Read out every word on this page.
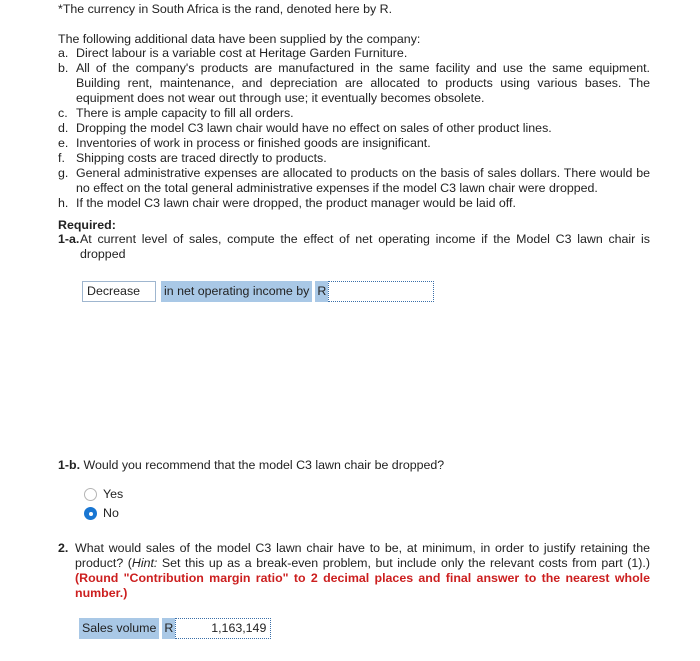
*The currency in South Africa is the rand, denoted here by R.
The following additional data have been supplied by the company:
a. Direct labour is a variable cost at Heritage Garden Furniture.
b. All of the company's products are manufactured in the same facility and use the same equipment. Building rent, maintenance, and depreciation are allocated to products using various bases. The equipment does not wear out through use; it eventually becomes obsolete.
c. There is ample capacity to fill all orders.
d. Dropping the model C3 lawn chair would have no effect on sales of other product lines.
e. Inventories of work in process or finished goods are insignificant.
f. Shipping costs are traced directly to products.
g. General administrative expenses are allocated to products on the basis of sales dollars. There would be no effect on the total general administrative expenses if the model C3 lawn chair were dropped.
h. If the model C3 lawn chair were dropped, the product manager would be laid off.
Required:
1-a. At current level of sales, compute the effect of net operating income if the Model C3 lawn chair is dropped
Decrease	in net operating income by R
1-b. Would you recommend that the model C3 lawn chair be dropped?
Yes
No
2. What would sales of the model C3 lawn chair have to be, at minimum, in order to justify retaining the product? (Hint: Set this up as a break-even problem, but include only the relevant costs from part (1).) (Round "Contribution margin ratio" to 2 decimal places and final answer to the nearest whole number.)
Sales volume R	1,163,149
